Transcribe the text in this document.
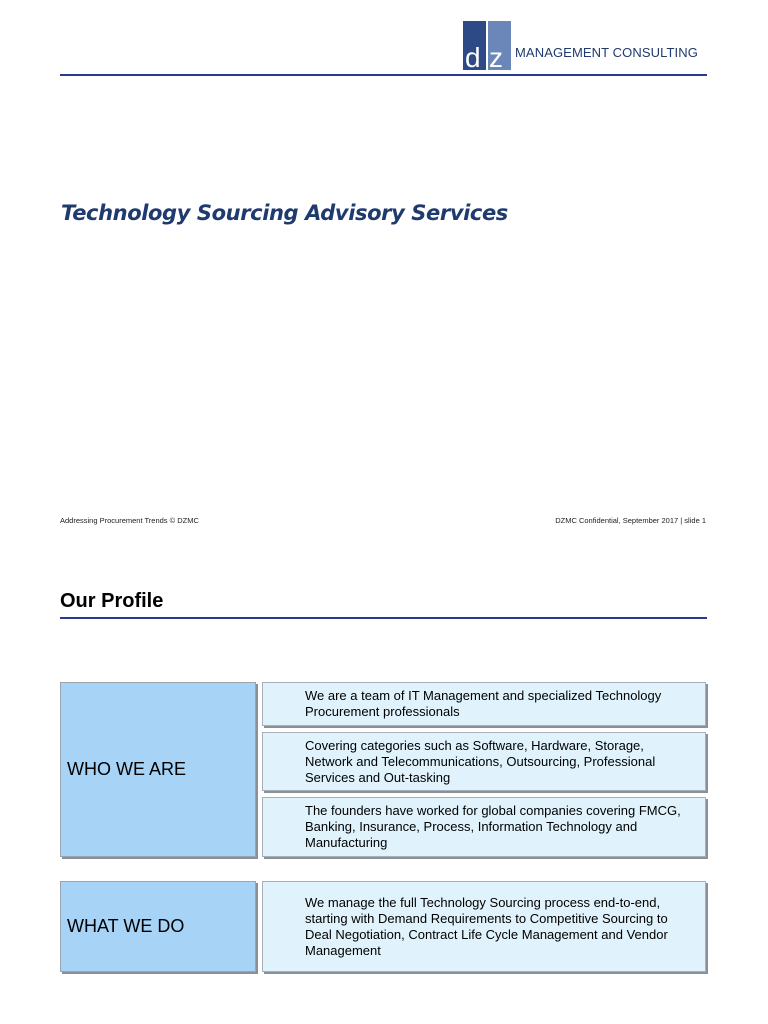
d z MANAGEMENT CONSULTING
Technology Sourcing Advisory Services
Addressing Procurement Trends © DZMC	DZMC Confidential, September 2017 | slide 1
Our Profile
WHO WE ARE
We are a team of IT Management and specialized Technology Procurement professionals
Covering categories such as Software, Hardware, Storage, Network and Telecommunications, Outsourcing, Professional Services and Out-tasking
The founders have worked for global companies covering FMCG, Banking, Insurance, Process, Information Technology and Manufacturing
WHAT WE DO
We manage the full Technology Sourcing process end-to-end, starting with Demand Requirements to Competitive Sourcing to Deal Negotiation, Contract Life Cycle Management and Vendor Management
